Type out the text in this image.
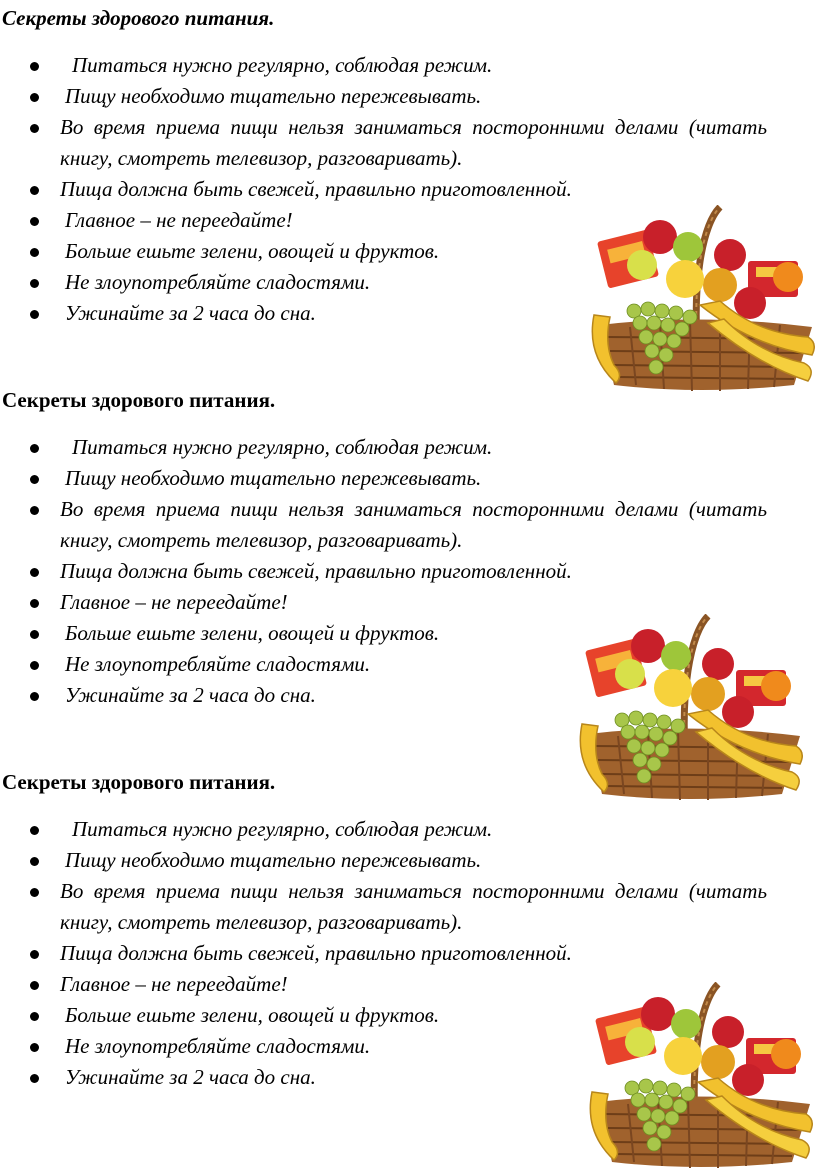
Секреты здорового питания.
Питаться нужно регулярно, соблюдая режим.
Пищу необходимо тщательно пережевывать.
Во время приема пищи нельзя заниматься посторонними делами (читать книгу, смотреть телевизор, разговаривать).
Пища должна быть свежей, правильно приготовленной.
Главное – не переедайте!
Больше ешьте зелени, овощей и фруктов.
Не злоупотребляйте сладостями.
Ужинайте за 2 часа до сна.
Секреты здорового питания.
Питаться нужно регулярно, соблюдая режим.
Пищу необходимо тщательно пережевывать.
Во время приема пищи нельзя заниматься посторонними делами (читать книгу, смотреть телевизор, разговаривать).
Пища должна быть свежей, правильно приготовленной.
Главное – не переедайте!
Больше ешьте зелени, овощей и фруктов.
Не злоупотребляйте сладостями.
Ужинайте за 2 часа до сна.
Секреты здорового питания.
Питаться нужно регулярно, соблюдая режим.
Пищу необходимо тщательно пережевывать.
Во время приема пищи нельзя заниматься посторонними делами (читать книгу, смотреть телевизор, разговаривать).
Пища должна быть свежей, правильно приготовленной.
Главное – не переедайте!
Больше ешьте зелени, овощей и фруктов.
Не злоупотребляйте сладостями.
Ужинайте за 2 часа до сна.
